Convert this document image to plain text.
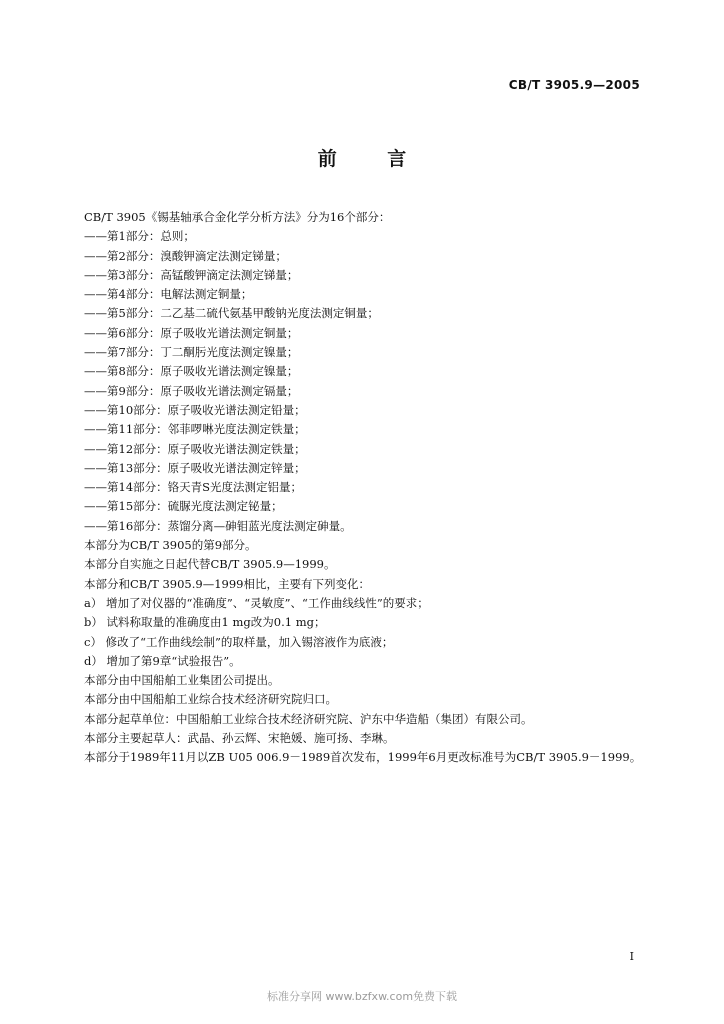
CB/T 3905.9—2005
前 言
CB/T 3905《锡基轴承合金化学分析方法》分为16个部分：
——第1部分：总则；
——第2部分：溴酸钾滴定法测定锑量；
——第3部分：高锰酸钾滴定法测定锑量；
——第4部分：电解法测定铜量；
——第5部分：二乙基二硫代氨基甲酸钠光度法测定铜量；
——第6部分：原子吸收光谱法测定铜量；
——第7部分：丁二酮肟光度法测定镍量；
——第8部分：原子吸收光谱法测定镍量；
——第9部分：原子吸收光谱法测定镉量；
——第10部分：原子吸收光谱法测定铅量；
——第11部分：邻菲啰啉光度法测定铁量；
——第12部分：原子吸收光谱法测定铁量；
——第13部分：原子吸收光谱法测定锌量；
——第14部分：铬天青S光度法测定铝量；
——第15部分：硫脲光度法测定铋量；
——第16部分：蒸馏分离—砷钼蓝光度法测定砷量。
本部分为CB/T 3905的第9部分。
本部分自实施之日起代替CB/T 3905.9—1999。
本部分和CB/T 3905.9—1999相比，主要有下列变化：
a） 增加了对仪器的“准确度”、“灵敏度”、“工作曲线线性”的要求；
b） 试料称取量的准确度由1 mg改为0.1 mg；
c） 修改了“工作曲线绘制”的取样量，加入锡溶液作为底液；
d） 增加了第9章“试验报告”。
本部分由中国船舶工业集团公司提出。
本部分由中国船舶工业综合技术经济研究院归口。
本部分起草单位：中国船舶工业综合技术经济研究院、沪东中华造船（集团）有限公司。
本部分主要起草人：武晶、孙云辉、宋艳媛、施可扬、李琳。
本部分于1989年11月以ZB U05 006.9－1989首次发布，1999年6月更改标准号为CB/T 3905.9－1999。
I
标准分享网 www.bzfxw.com免费下载
